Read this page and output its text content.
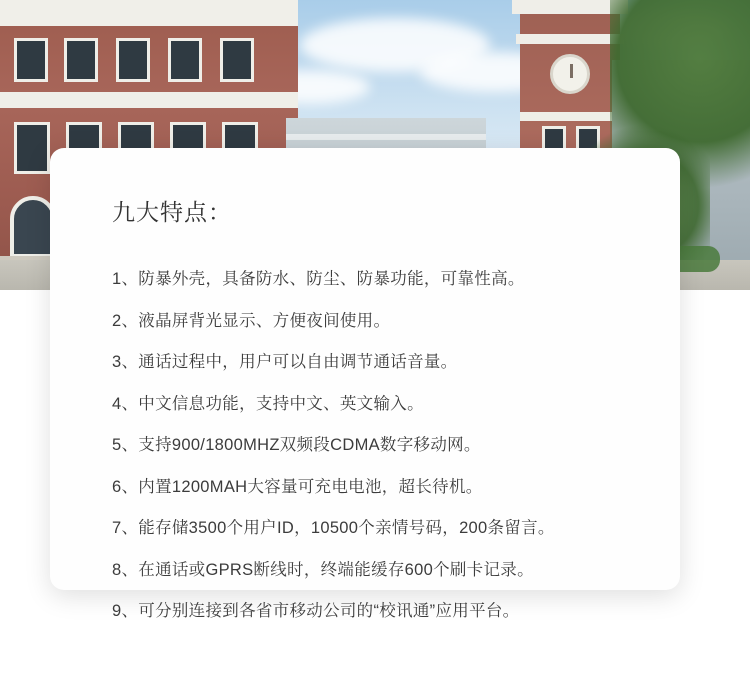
九大特点：
1、防暴外壳，具备防水、防尘、防暴功能，可靠性高。
2、液晶屏背光显示、方便夜间使用。
3、通话过程中，用户可以自由调节通话音量。
4、中文信息功能，支持中文、英文输入。
5、支持900/1800MHZ双频段CDMA数字移动网。
6、内置1200MAH大容量可充电电池，超长待机。
7、能存储3500个用户ID，10500个亲情号码，200条留言。
8、在通话或GPRS断线时，终端能缓存600个刷卡记录。
9、可分别连接到各省市移动公司的“校讯通”应用平台。
